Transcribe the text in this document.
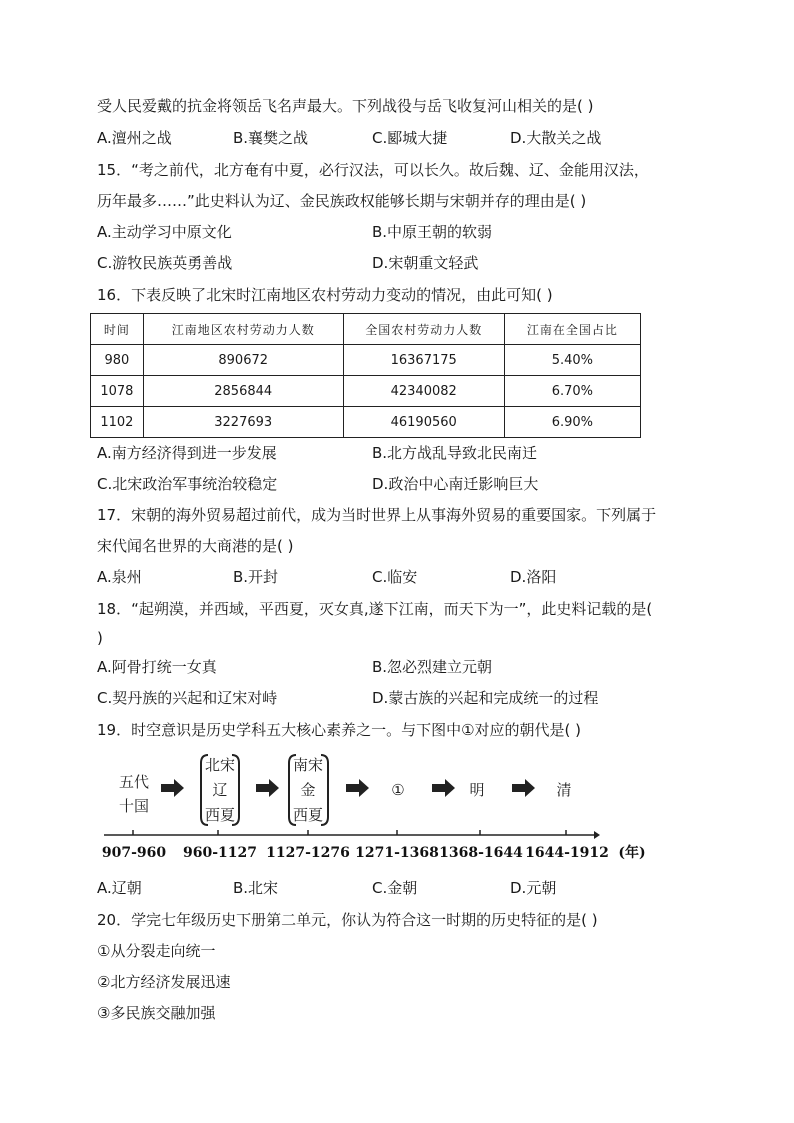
受人民爱戴的抗金将领岳飞名声最大。下列战役与岳飞收复河山相关的是( )
A.澶州之战	B.襄樊之战	C.郾城大捷	D.大散关之战
15．“考之前代，北方奄有中夏，必行汉法，可以长久。故后魏、辽、金能用汉法，
历年最多……”此史料认为辽、金民族政权能够长期与宋朝并存的理由是( )
A.主动学习中原文化	B.中原王朝的软弱
C.游牧民族英勇善战	D.宋朝重文轻武
16．下表反映了北宋时江南地区农村劳动力变动的情况，由此可知( )
时间	江南地区农村劳动力人数	全国农村劳动力人数	江南在全国占比
980	890672	16367175	5.40%
1078	2856844	42340082	6.70%
1102	3227693	46190560	6.90%
A.南方经济得到进一步发展	B.北方战乱导致北民南迁
C.北宋政治军事统治较稳定	D.政治中心南迁影响巨大
17．宋朝的海外贸易超过前代，成为当时世界上从事海外贸易的重要国家。下列属于
宋代闻名世界的大商港的是( )
A.泉州	B.开封	C.临安	D.洛阳
18．“起朔漠，并西域，平西夏，灭女真,遂下江南，而天下为一”，此史料记载的是(
)
A.阿骨打统一女真	B.忽必烈建立元朝
C.契丹族的兴起和辽宋对峙	D.蒙古族的兴起和完成统一的过程
19．时空意识是历史学科五大核心素养之一。与下图中①对应的朝代是( )
五代
十国
北宋
辽
西夏
南宋
金
西夏
①	明	清
907-960 960-1127 1127-1276 1271-1368 1368-1644 1644-1912 (年)
A.辽朝	B.北宋	C.金朝	D.元朝
20．学完七年级历史下册第二单元，你认为符合这一时期的历史特征的是( )
①从分裂走向统一
②北方经济发展迅速
③多民族交融加强
